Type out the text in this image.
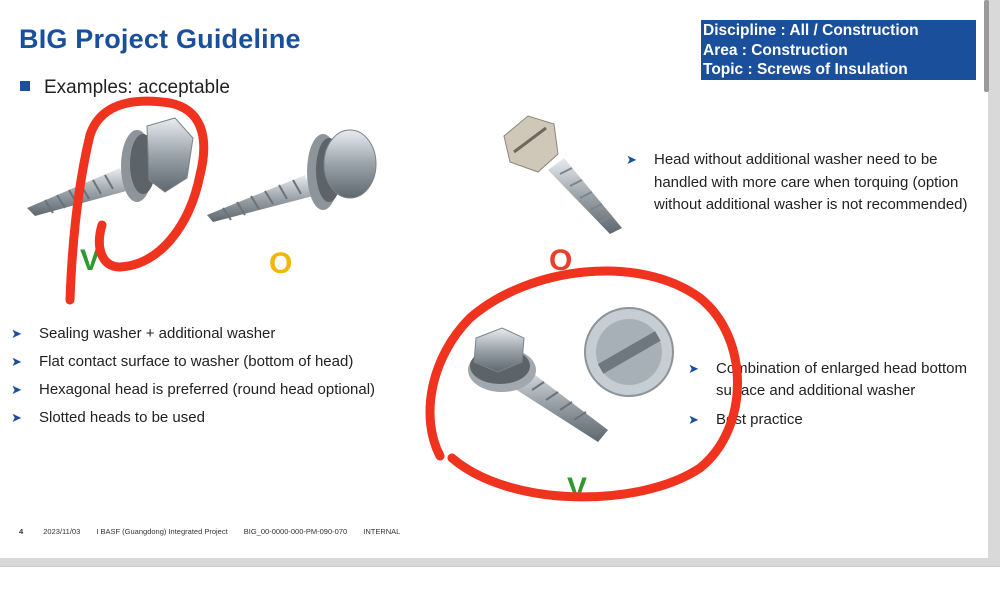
BIG Project Guideline
Examples: acceptable
Discipline : All / Construction
Area : Construction
Topic : Screws of Insulation
V	O	O
V
➤ Sealing washer + additional washer
➤ Flat contact surface to washer (bottom of head)
➤ Hexagonal head is preferred (round head optional)
➤ Slotted heads to be used
➤ Head without additional washer need to be handled with more care when torquing (option without additional washer is not recommended)
➤ Combination of enlarged head bottom surface and additional washer
➤ Best practice
4	2023/11/03 I BASF (Guangdong) Integrated Project BIG_00-0000-000-PM-090-070 INTERNAL
